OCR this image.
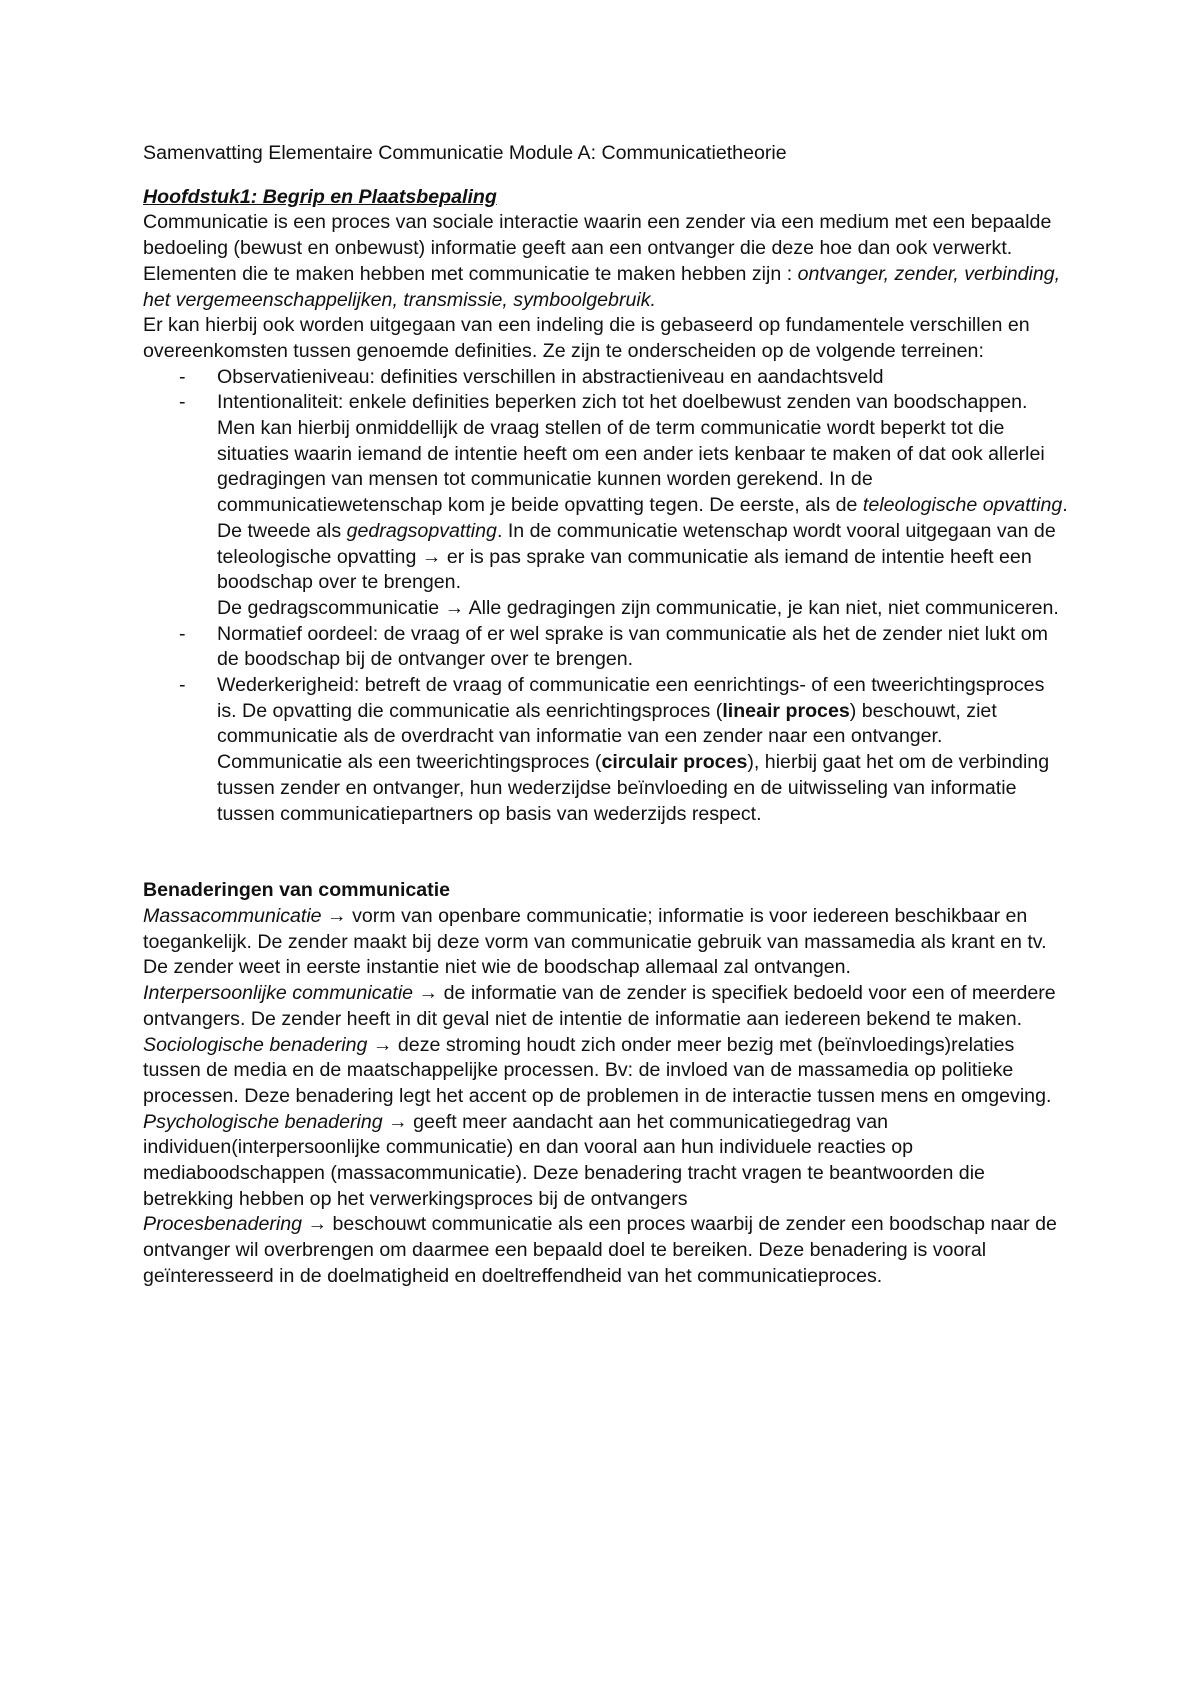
Samenvatting Elementaire Communicatie Module A: Communicatietheorie

Hoofdstuk1: Begrip en Plaatsbepaling

Communicatie is een proces van sociale interactie waarin een zender via een medium met een bepaalde bedoeling (bewust en onbewust) informatie geeft aan een ontvanger die deze hoe dan ook verwerkt.

Elementen die te maken hebben met communicatie te maken hebben zijn : ontvanger, zender, verbinding, het vergemeenschappelijken, transmissie, symboolgebruik.

Er kan hierbij ook worden uitgegaan van een indeling die is gebaseerd op fundamentele verschillen en overeenkomsten tussen genoemde definities. Ze zijn te onderscheiden op de volgende terreinen:

- Observatieniveau: definities verschillen in abstractieniveau en aandachtsveld
- Intentionaliteit: enkele definities beperken zich tot het doelbewust zenden van boodschappen. Men kan hierbij onmiddellijk de vraag stellen of de term communicatie wordt beperkt tot die situaties waarin iemand de intentie heeft om een ander iets kenbaar te maken of dat ook allerlei gedragingen van mensen tot communicatie kunnen worden gerekend. In de communicatiewetenschap kom je beide opvatting tegen. De eerste, als de teleologische opvatting. De tweede als gedragsopvatting. In de communicatie wetenschap wordt vooral uitgegaan van de teleologische opvatting → er is pas sprake van communicatie als iemand de intentie heeft een boodschap over te brengen.
De gedragscommunicatie → Alle gedragingen zijn communicatie, je kan niet, niet communiceren.
- Normatief oordeel: de vraag of er wel sprake is van communicatie als het de zender niet lukt om de boodschap bij de ontvanger over te brengen.
- Wederkerigheid: betreft de vraag of communicatie een eenrichtings- of een tweerichtingsproces is. De opvatting die communicatie als eenrichtingsproces (lineair proces) beschouwt, ziet communicatie als de overdracht van informatie van een zender naar een ontvanger. Communicatie als een tweerichtingsproces (circulair proces), hierbij gaat het om de verbinding tussen zender en ontvanger, hun wederzijdse beïnvloeding en de uitwisseling van informatie tussen communicatiepartners op basis van wederzijds respect.

Benaderingen van communicatie

Massacommunicatie → vorm van openbare communicatie; informatie is voor iedereen beschikbaar en toegankelijk. De zender maakt bij deze vorm van communicatie gebruik van massamedia als krant en tv. De zender weet in eerste instantie niet wie de boodschap allemaal zal ontvangen.

Interpersoonlijke communicatie → de informatie van de zender is specifiek bedoeld voor een of meerdere ontvangers. De zender heeft in dit geval niet de intentie de informatie aan iedereen bekend te maken.

Sociologische benadering → deze stroming houdt zich onder meer bezig met (beïnvloedings)relaties tussen de media en de maatschappelijke processen. Bv: de invloed van de massamedia op politieke processen. Deze benadering legt het accent op de problemen in de interactie tussen mens en omgeving.

Psychologische benadering → geeft meer aandacht aan het communicatiegedrag van individuen(interpersoonlijke communicatie) en dan vooral aan hun individuele reacties op mediaboodschappen (massacommunicatie). Deze benadering tracht vragen te beantwoorden die betrekking hebben op het verwerkingsproces bij de ontvangers

Procesbenadering → beschouwt communicatie als een proces waarbij de zender een boodschap naar de ontvanger wil overbrengen om daarmee een bepaald doel te bereiken. Deze benadering is vooral geïnteresseerd in de doelmatigheid en doeltreffendheid van het communicatieproces.
